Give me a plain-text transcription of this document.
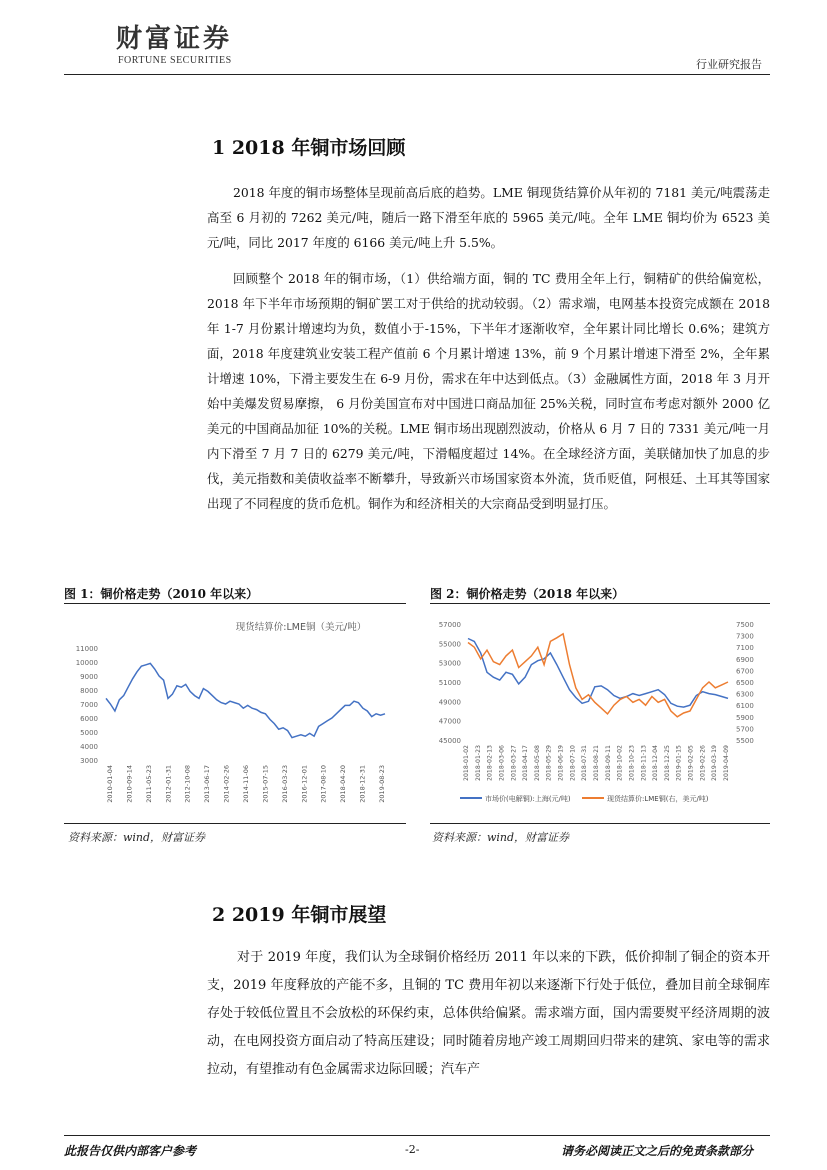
财富证券
FORTUNE SECURITIES	行业研究报告
1 2018 年铜市场回顾

2018 年度的铜市场整体呈现前高后底的趋势。LME 铜现货结算价从年初的 7181 美元/吨震荡走高至 6 月初的 7262 美元/吨，随后一路下滑至年底的 5965 美元/吨。全年 LME 铜均价为 6523 美元/吨，同比 2017 年度的 6166 美元/吨上升 5.5%。

回顾整个 2018 年的铜市场，（1）供给端方面，铜的 TC 费用全年上行，铜精矿的供给偏宽松，2018 年下半年市场预期的铜矿罢工对于供给的扰动较弱。（2）需求端，电网基本投资完成额在 2018 年 1-7 月份累计增速均为负，数值小于-15%，下半年才逐渐收窄，全年累计同比增长 0.6%；建筑方面，2018 年度建筑业安装工程产值前 6 个月累计增速 13%，前 9 个月累计增速下滑至 2%，全年累计增速 10%，下滑主要发生在 6-9 月份，需求在年中达到低点。（3）金融属性方面，2018 年 3 月开始中美爆发贸易摩擦， 6 月份美国宣布对中国进口商品加征 25%关税，同时宣布考虑对额外 2000 亿美元的中国商品加征 10%的关税。LME 铜市场出现剧烈波动，价格从 6 月 7 日的 7331 美元/吨一月内下滑至 7 月 7 日的 6279 美元/吨，下滑幅度超过 14%。在全球经济方面，美联储加快了加息的步伐，美元指数和美债收益率不断攀升，导致新兴市场国家资本外流，货币贬值，阿根廷、土耳其等国家出现了不同程度的货币危机。铜作为和经济相关的大宗商品受到明显打压。

图 1：铜价格走势（2010 年以来）
现货结算价:LME铜（美元/吨）
11000
10000
9000
8000
7000
6000
5000
4000
3000
2010-01-04 2010-09-14 2011-05-23 2012-01-31 2012-10-08 2013-06-17 2014-02-26 2014-11-06 2015-07-15 2016-03-23 2016-12-01 2017-08-10 2018-04-20 2018-12-31 2019-08-23
资料来源：wind，财富证券
图 2：铜价格走势（2018 年以来）
57000
55000
53000
51000
49000
47000
45000
7500
7300
7100
6900
6700
6500
6300
6100
5900
5700
5500
2018-01-02 2018-01-23 2018-02-13 2018-03-06 2018-03-27 2018-04-17 2018-05-08 2018-05-29 2018-06-19 2018-07-10 2018-07-31 2018-08-21 2018-09-11 2018-10-02 2018-10-23 2018-11-13 2018-12-04 2018-12-25 2019-01-15 2019-02-05 2019-02-26 2019-03-19 2019-04-09
市场价(电解铜):上海(元/吨)	现货结算价:LME铜(右，美元/吨)
资料来源：wind，财富证券
2 2019 年铜市展望

对于 2019 年度，我们认为全球铜价格经历 2011 年以来的下跌，低价抑制了铜企的资本开支，2019 年度释放的产能不多，且铜的 TC 费用年初以来逐渐下行处于低位，叠加目前全球铜库存处于较低位置且不会放松的环保约束，总体供给偏紧。需求端方面，国内需要熨平经济周期的波动，在电网投资方面启动了特高压建设；同时随着房地产竣工周期回归带来的建筑、家电等的需求拉动，有望推动有色金属需求边际回暖；汽车产

此报告仅供内部客户参考	-2-	请务必阅读正文之后的免责条款部分
